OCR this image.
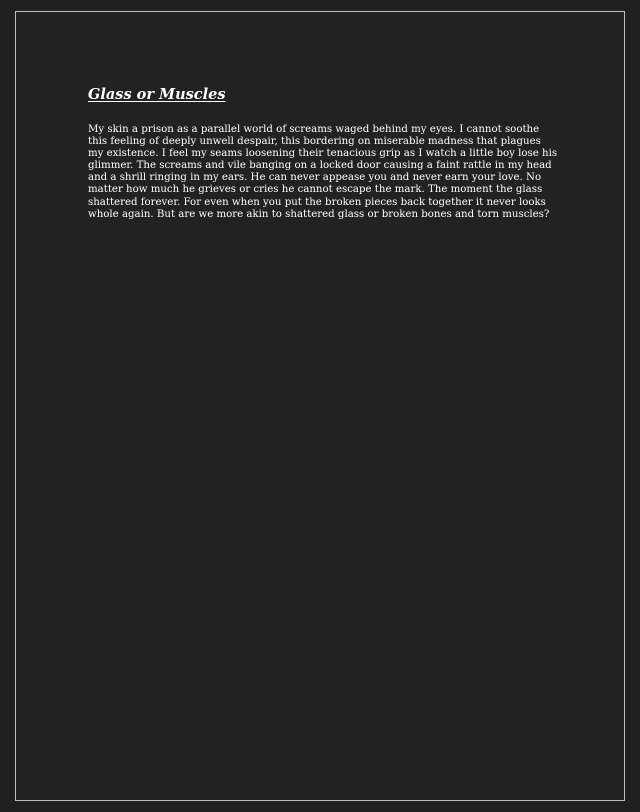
Glass or Muscles

My skin a prison as a parallel world of screams waged behind my eyes. I cannot soothe this feeling of deeply unwell despair, this bordering on miserable madness that plagues my existence. I feel my seams loosening their tenacious grip as I watch a little boy lose his glimmer. The screams and vile banging on a locked door causing a faint rattle in my head and a shrill ringing in my ears. He can never appease you and never earn your love. No matter how much he grieves or cries he cannot escape the mark. The moment the glass shattered forever. For even when you put the broken pieces back together it never looks whole again. But are we more akin to shattered glass or broken bones and torn muscles?
